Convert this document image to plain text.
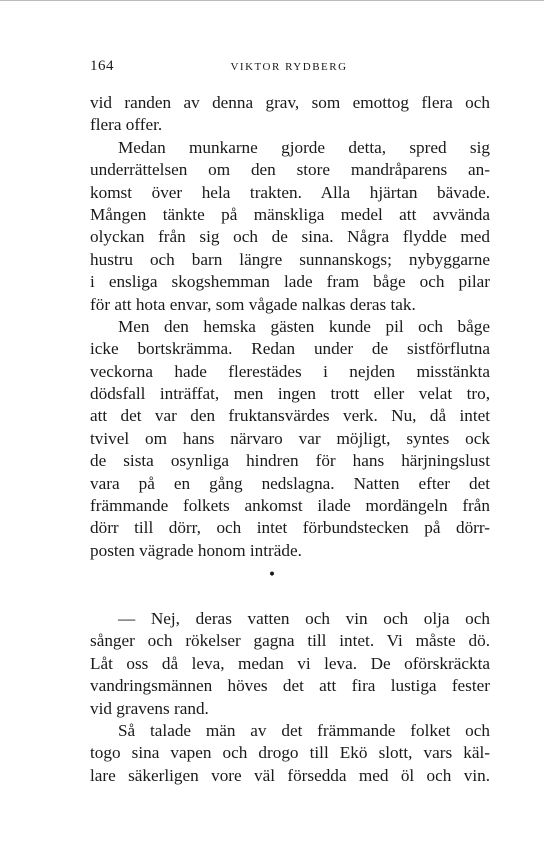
164	VIKTOR RYDBERG
vid randen av denna grav, som emottog flera och
flera offer.
Medan munkarne gjorde detta, spred sig
underrättelsen om den store mandråparens an-
komst över hela trakten. Alla hjärtan bävade.
Mången tänkte på mänskliga medel att avvända
olyckan från sig och de sina. Några flydde med
hustru och barn längre sunnanskogs; nybyggarne
i ensliga skogshemman lade fram båge och pilar
för att hota envar, som vågade nalkas deras tak.
Men den hemska gästen kunde pil och båge
icke bortskrämma. Redan under de sistförflutna
veckorna hade flerestädes i nejden misstänkta
dödsfall inträffat, men ingen trott eller velat tro,
att det var den fruktansvärdes verk. Nu, då intet
tvivel om hans närvaro var möjligt, syntes ock
de sista osynliga hindren för hans härjningslust
vara på en gång nedslagna. Natten efter det
främmande folkets ankomst ilade mordängeln från
dörr till dörr, och intet förbundstecken på dörr-
posten vägrade honom inträde.
•
— Nej, deras vatten och vin och olja och
sånger och rökelser gagna till intet. Vi måste dö.
Låt oss då leva, medan vi leva. De oförskräckta
vandringsmännen höves det att fira lustiga fester
vid gravens rand.
Så talade män av det främmande folket och
togo sina vapen och drogo till Ekö slott, vars käl-
lare säkerligen vore väl försedda med öl och vin.
